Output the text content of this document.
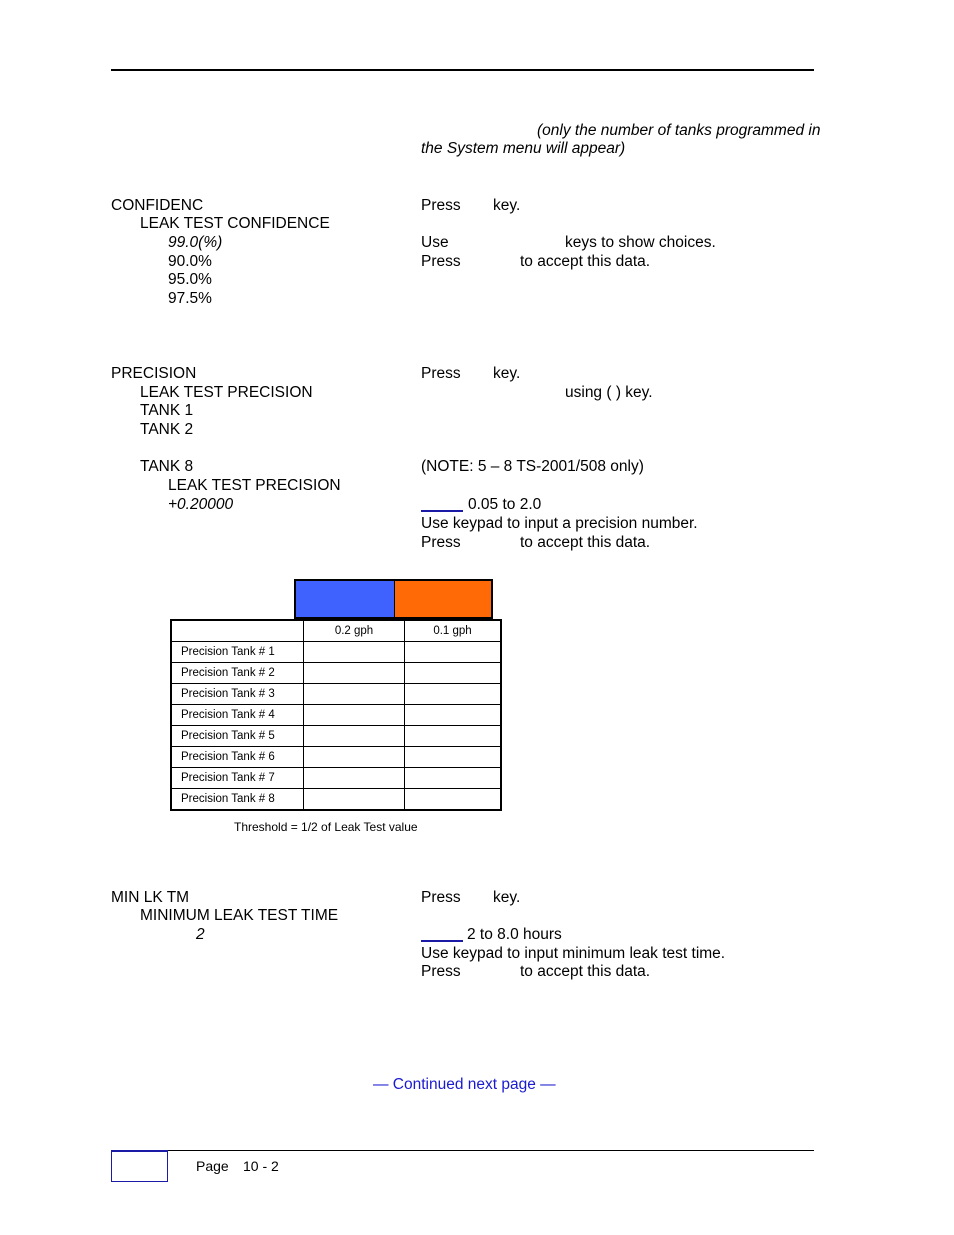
(only the number of tanks programmed in
the System menu will appear)
CONFIDENC
LEAK TEST CONFIDENCE
99.0(%)
90.0%
95.0%
97.5%
Press key.
Use	keys to show choices.
Press	to accept this data.
PRECISION
LEAK TEST PRECISION
TANK 1
TANK 2
TANK 8
LEAK TEST PRECISION
+0.20000
Press key.
using ( ) key.
(NOTE: 5 – 8 TS-2001/508 only)
0.05 to 2.0
Use keypad to input a precision number.
Press	to accept this data.
	0.2 gph	0.1 gph
Precision Tank # 1		
Precision Tank # 2		
Precision Tank # 3		
Precision Tank # 4		
Precision Tank # 5		
Precision Tank # 6		
Precision Tank # 7		
Precision Tank # 8		
Threshold = 1/2 of Leak Test value
MIN LK TM
MINIMUM LEAK TEST TIME
2
Press key.
2 to 8.0 hours
Use keypad to input minimum leak test time.
Press	to accept this data.
— Continued next page —
Page 10 - 2
